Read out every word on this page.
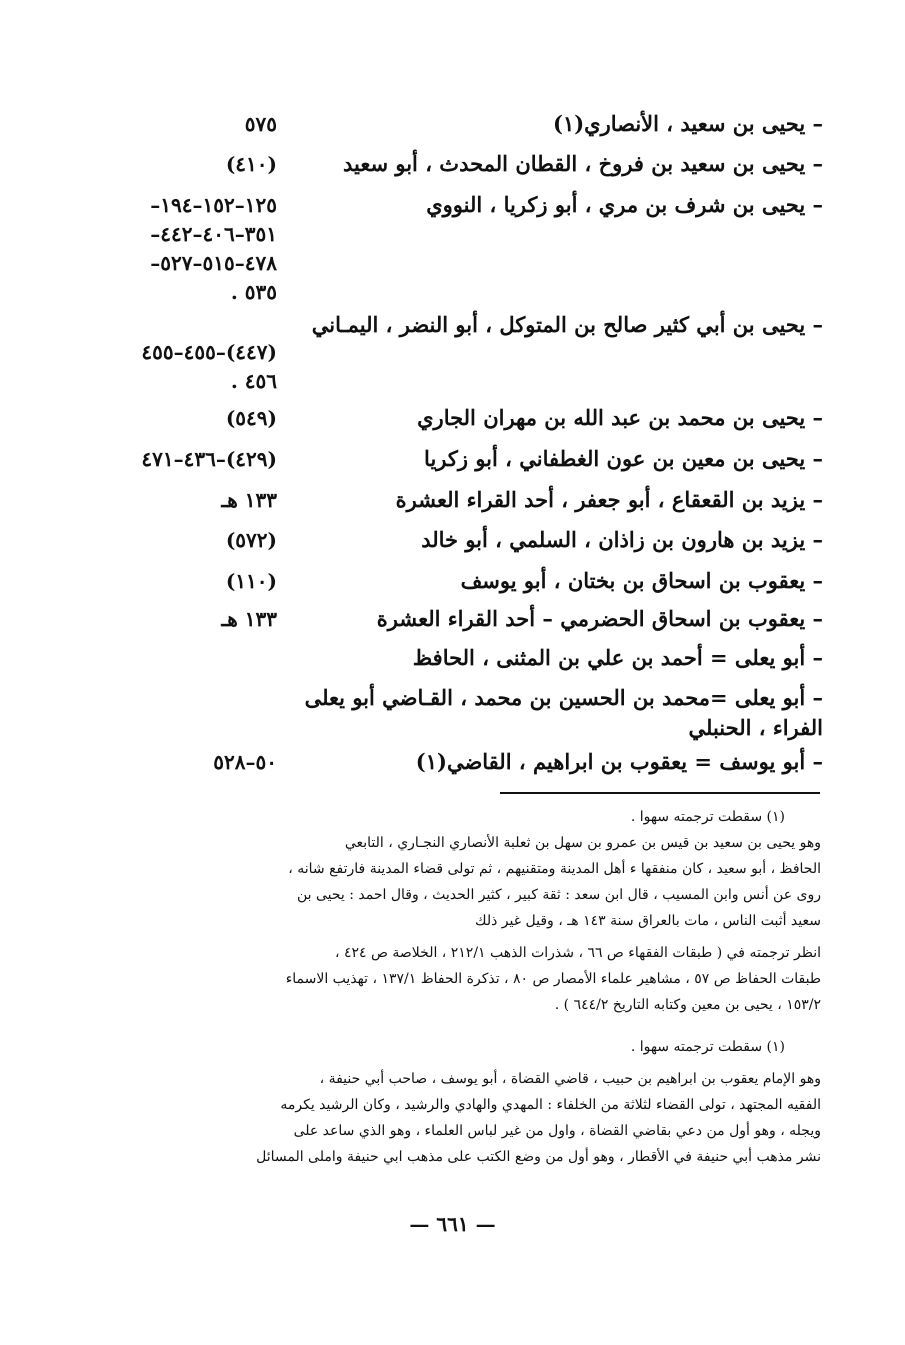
– يحيى بن سعيد ، الأنصاري(١)
٥٧٥
– يحيى بن سعيد بن فروخ ، القطان المحدث ، أبو سعيد
(٤١٠)
– يحيى بن شرف بن مري ، أبو زكريا ، النووي
١٢٥–١٥٢–١٩٤–
٣٥١–٤٠٦–٤٤٢–
٤٧٨–٥١٥–٥٢٧–
٥٣٥ .
– يحيى بن أبي كثير صالح بن المتوكل ، أبو النضر ، اليمـاني
(٤٤٧)–٤٥٥–٤٥٥
٤٥٦ .
– يحيى بن محمد بن عبد الله بن مهران الجاري
(٥٤٩)
– يحيى بن معين بن عون الغطفاني ، أبو زكريا
(٤٢٩)–٤٣٦–٤٧١
– يزيد بن القعقاع ، أبو جعفر ، أحد القراء العشرة
١٣٣ هـ
– يزيد بن هارون بن زاذان ، السلمي ، أبو خالد
(٥٧٢)
– يعقوب بن اسحاق بن بختان ، أبو يوسف
(١١٠)
– يعقوب بن اسحاق الحضرمي – أحد القراء العشرة
١٣٣ هـ
– أبو يعلى = أحمد بن علي بن المثنى ، الحافظ
– أبو يعلى =محمد بن الحسين بن محمد ، القـاضي أبو يعلى الفراء ، الحنبلي
– أبو يوسف = يعقوب بن ابراهيم ، القاضي(١)
٥٠–٥٢٨
(١) سقطت ترجمته سهوا .
وهو يحيى بن سعيد بن قيس بن عمرو بن سهل بن ثعلبة الأنصاري النجـاري ، التابعي
الحافظ ، أبو سعيد ، كان منفقها ء أهل المدينة ومتقنيهم ، ثم تولى قضاء المدينة فارتفع شانه ،
روى عن أنس وابن المسيب ، قال ابن سعد : ثقة كبير ، كثير الحديث ، وقال احمد : يحيى بن
سعيد أثبت الناس ، مات بالعراق سنة ١٤٣ هـ ، وقيل غير ذلك
انظر ترجمته في ( طبقات الفقهاء ص ٦٦ ، شذرات الذهب ٢١٢/١ ، الخلاصة ص ٤٢٤ ،
طبقات الحفاظ ص ٥٧ ، مشاهير علماء الأمصار ص ٨٠ ، تذكرة الحفاظ ١٣٧/١ ، تهذيب الاسماء
١٥٣/٢ ، يحيى بن معين وكتابه التاريخ ٦٤٤/٢ ) .
(١) سقطت ترجمته سهوا .
وهو الإمام يعقوب بن ابراهيم بن حبيب ، قاضي القضاة ، أبو يوسف ، صاحب أبي حنيفة ،
الفقيه المجتهد ، تولى القضاء لثلاثة من الخلفاء : المهدي والهادي والرشيد ، وكان الرشيد يكرمه
ويجله ، وهو أول من دعي بقاضي القضاة ، واول من غير لباس العلماء ، وهو الذي ساعد على
نشر مذهب أبي حنيفة في الأقطار ، وهو أول من وضع الكتب على مذهب ابي حنيفة واملى المسائل
— ٦٦١ —
